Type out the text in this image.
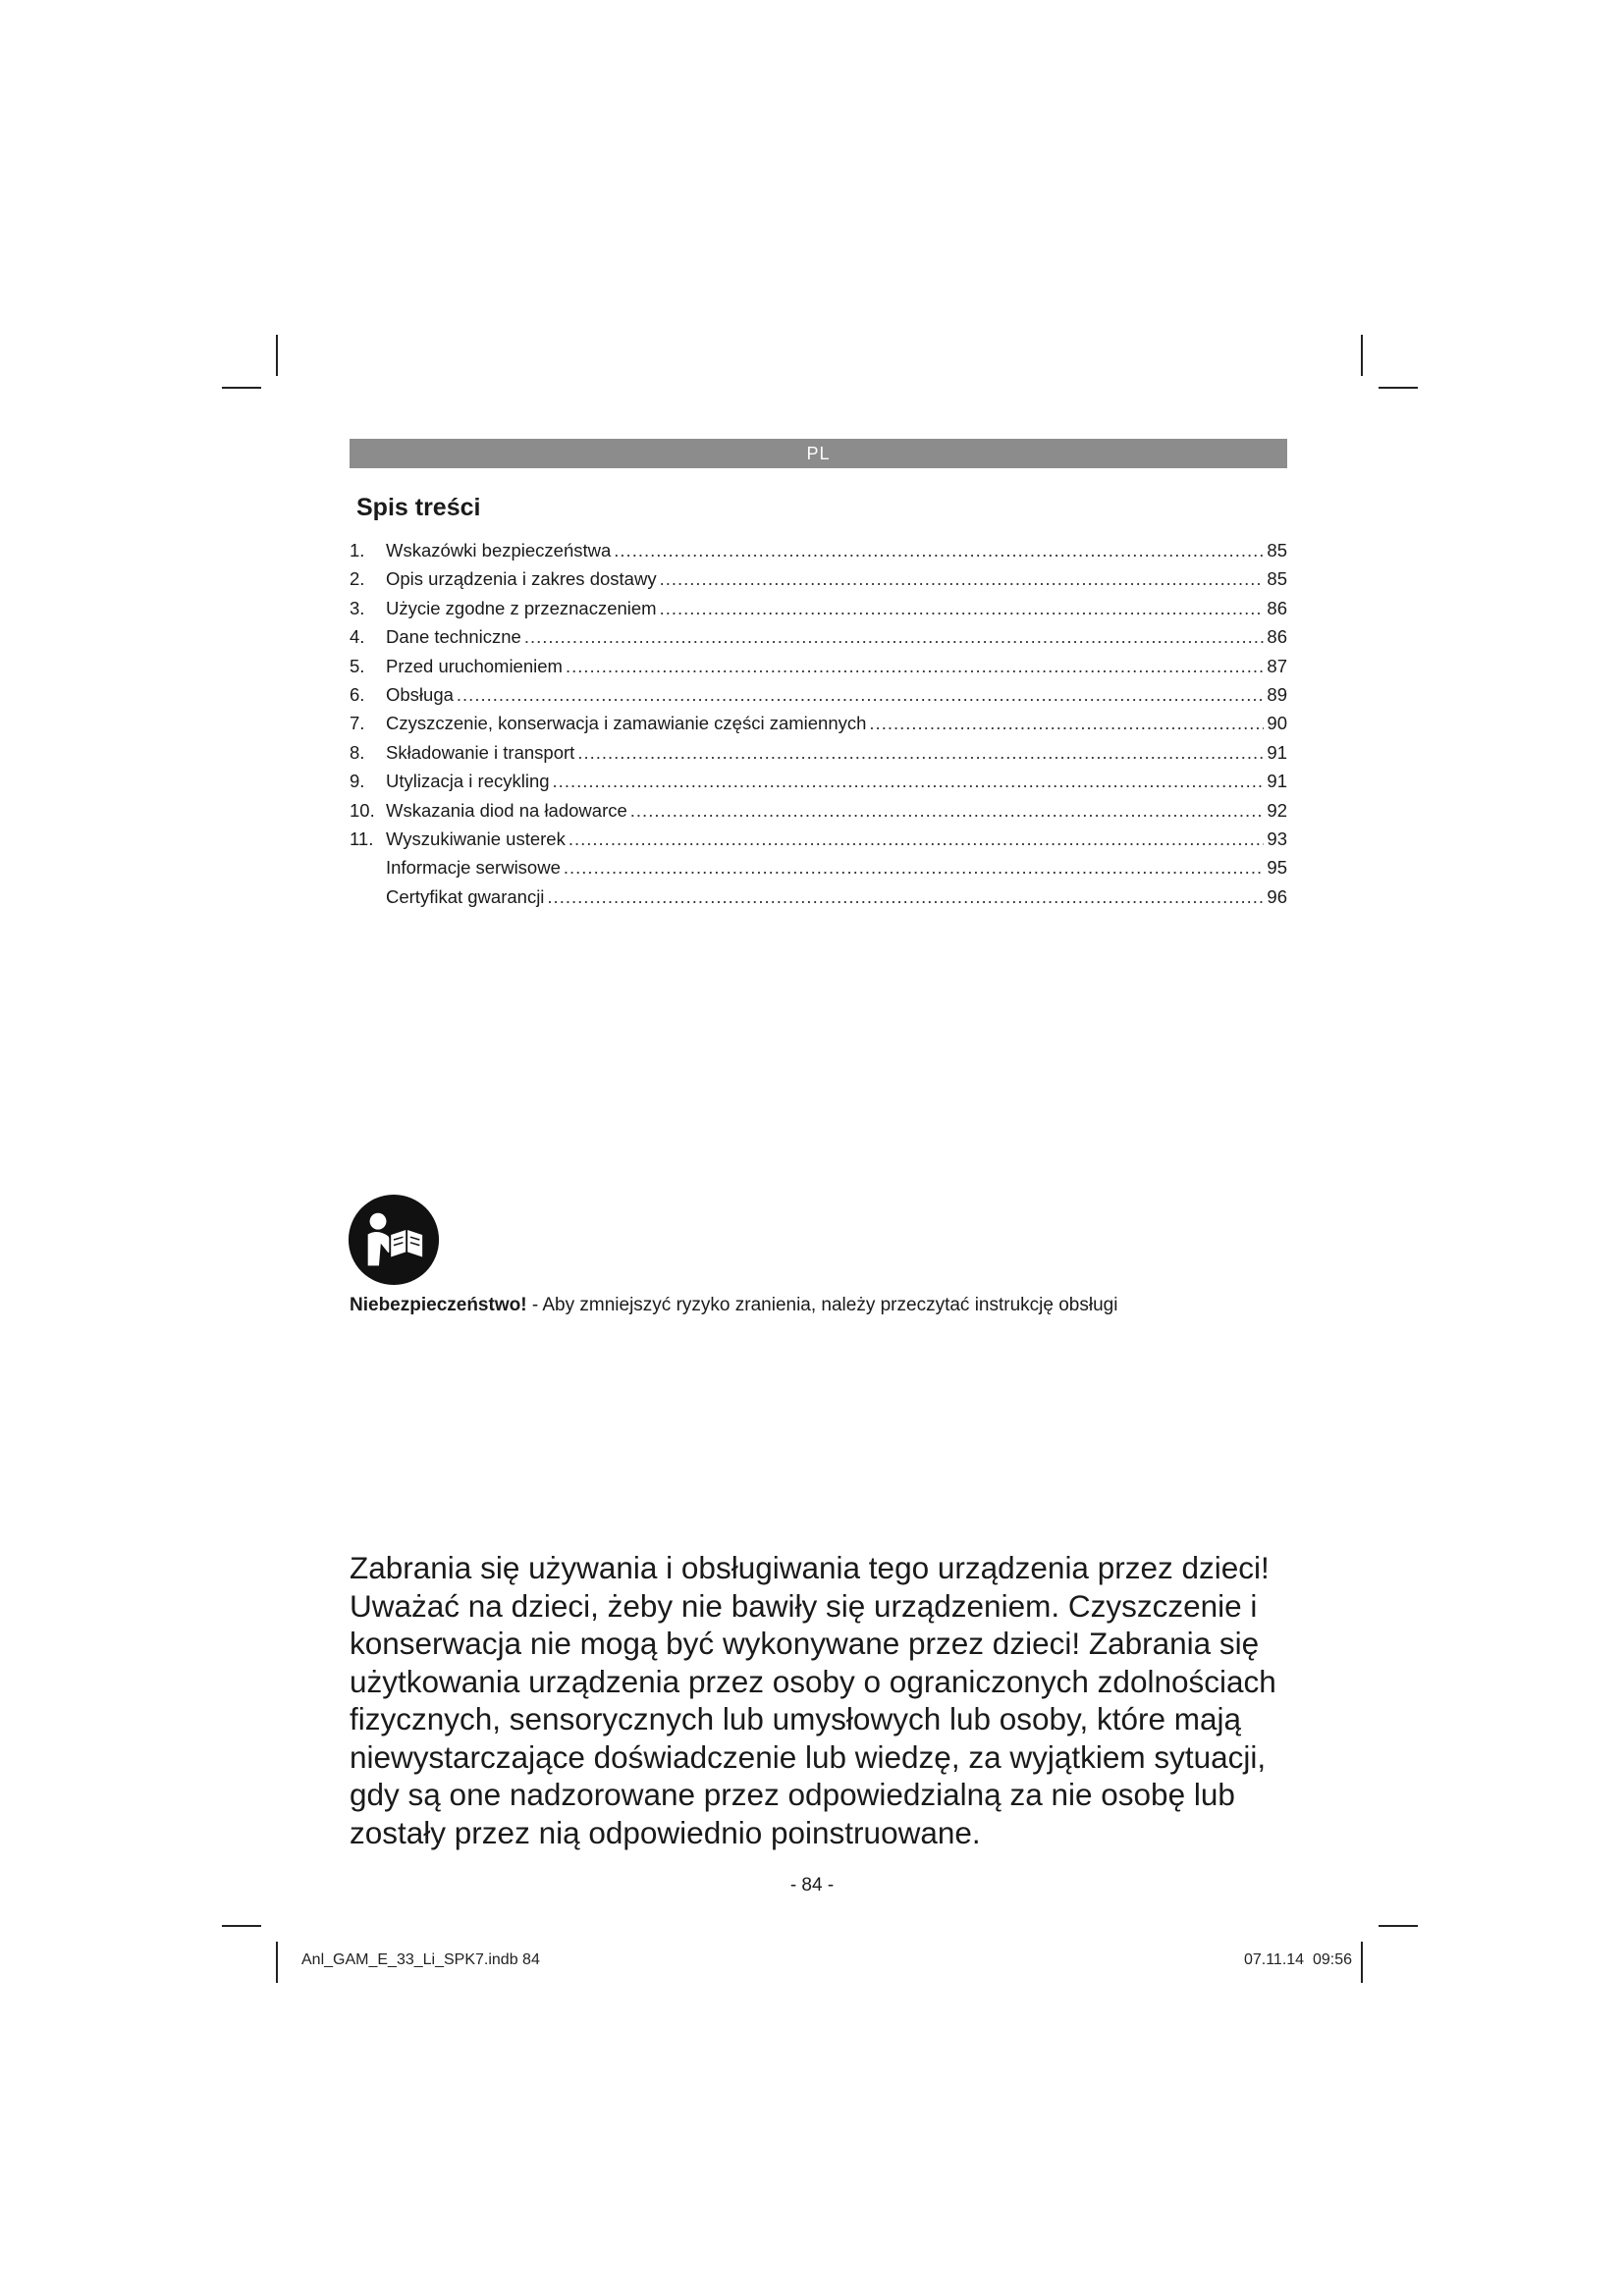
PL
Spis treści
1.	Wskazówki bezpieczeństwa .....	85
2.	Opis urządzenia i zakres dostawy .....	85
3.	Użycie zgodne z przeznaczeniem .....	86
4.	Dane techniczne .....	86
5.	Przed uruchomieniem .....	87
6.	Obsługa .....	89
7.	Czyszczenie, konserwacja i zamawianie części zamiennych .....	90
8.	Składowanie i transport .....	91
9.	Utylizacja i recykling .....	91
10. Wskazania diod na ładowarce .....	92
11. Wyszukiwanie usterek .....	93
Informacje serwisowe .....	95
Certyfikat gwarancji .....	96

Niebezpieczeństwo! - Aby zmniejszyć ryzyko zranienia, należy przeczytać instrukcję obsługi

Zabrania się używania i obsługiwania tego urządzenia przez dzieci! Uważać na dzieci, żeby nie bawiły się urządzeniem. Czyszczenie i konserwacja nie mogą być wykonywane przez dzieci! Zabrania się użytkowania urządzenia przez osoby o ograniczonych zdolnościach fizycznych, sensorycznych lub umysłowych lub osoby, które mają niewystarczające doświadczenie lub wiedzę, za wyjątkiem sytuacji, gdy są one nadzorowane przez odpowiedzialną za nie osobę lub zostały przez nią odpowiednio poinstruowane.

- 84 -
Anl_GAM_E_33_Li_SPK7.indb 84	07.11.14 09:56
